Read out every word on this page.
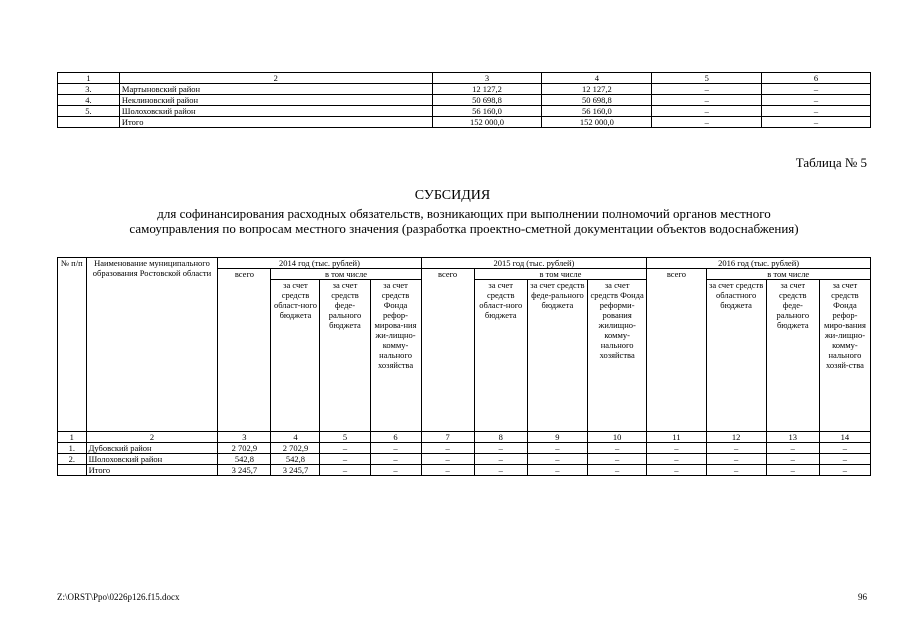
1	2	3	4	5	6
3.	Мартыновский район	12 127,2	12 127,2	–	–
4.	Неклиновский район	50 698,8	50 698,8	–	–
5.	Шолоховский район	56 160,0	56 160,0	–	–
	Итого	152 000,0	152 000,0	–	–
Таблица № 5
СУБСИДИЯ
для софинансирования расходных обязательств, возникающих при выполнении полномочий органов местного
самоуправления по вопросам местного значения (разработка проектно-сметной документации объектов водоснабжения)
№ п/п	Наименование муниципального образования Ростовской области	2014 год (тыс. рублей)				2015 год (тыс. рублей)				2016 год (тыс. рублей)			
		всего	в том числе			всего	в том числе			всего	в том числе		
			за счет средств област-ного бюджета	за счет средств феде-рального бюджета	за счет средств Фонда рефор-мирова-ния жи-лищно-комму-нального хозяйства		за счет средств област-ного бюджета	за счет средств феде-рального бюджета	за счет средств Фонда реформи-рования жилищно-комму-нального хозяйства		за счет средств областного бюджета	за счет средств феде-рального бюджета	за счет средств Фонда рефор-миро-вания жи-лищно-комму-нального хозяй-ства
1	2	3	4	5	6	7	8	9	10	11	12	13	14
1.	Дубовский район	2 702,9	2 702,9	–	–	–	–	–	–	–	–	–	–
2.	Шолоховский район	542,8	542,8	–	–	–	–	–	–	–	–	–	–
	Итого	3 245,7	3 245,7	–	–	–	–	–	–	–	–	–	–
Z:\ORST\Ppo\0226p126.f15.docx	96
